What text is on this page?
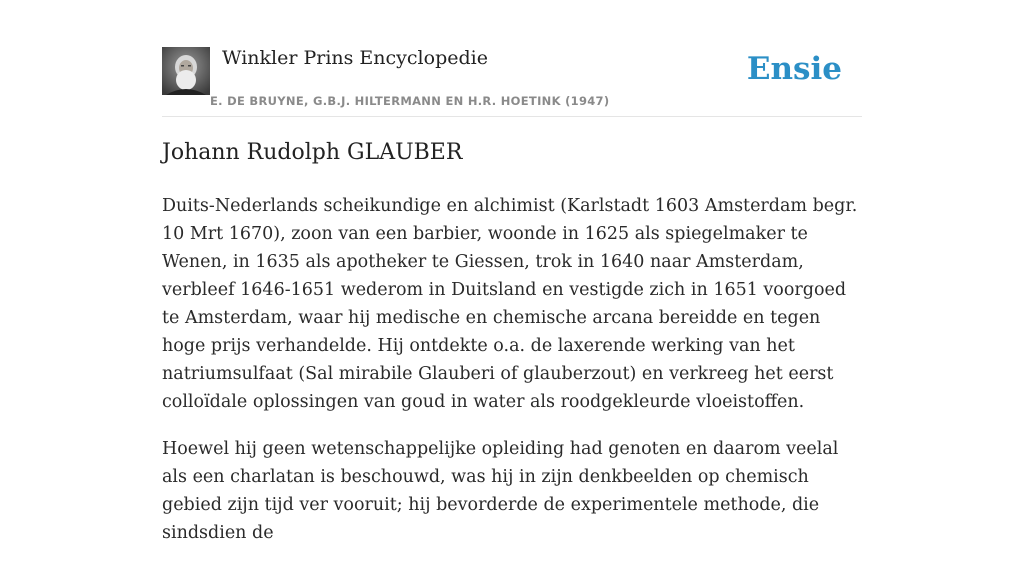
Winkler Prins Encyclopedie
E. DE BRUYNE, G.B.J. HILTERMANN EN H.R. HOETINK (1947)
Ensie
Johann Rudolph GLAUBER

Duits-Nederlands scheikundige en alchimist (Karlstadt 1603 Amsterdam begr. 10 Mrt 1670), zoon van een barbier, woonde in 1625 als spiegelmaker te Wenen, in 1635 als apotheker te Giessen, trok in 1640 naar Amsterdam, verbleef 1646-1651 wederom in Duitsland en vestigde zich in 1651 voorgoed te Amsterdam, waar hij medische en chemische arcana bereidde en tegen hoge prijs verhandelde. Hij ontdekte o.a. de laxerende werking van het natriumsulfaat (Sal mirabile Glauberi of glauberzout) en verkreeg het eerst colloïdale oplossingen van goud in water als roodgekleurde vloeistoffen.

Hoewel hij geen wetenschappelijke opleiding had genoten en daarom veelal als een charlatan is beschouwd, was hij in zijn denkbeelden op chemisch gebied zijn tijd ver vooruit; hij bevorderde de experimentele methode, die sindsdien de
